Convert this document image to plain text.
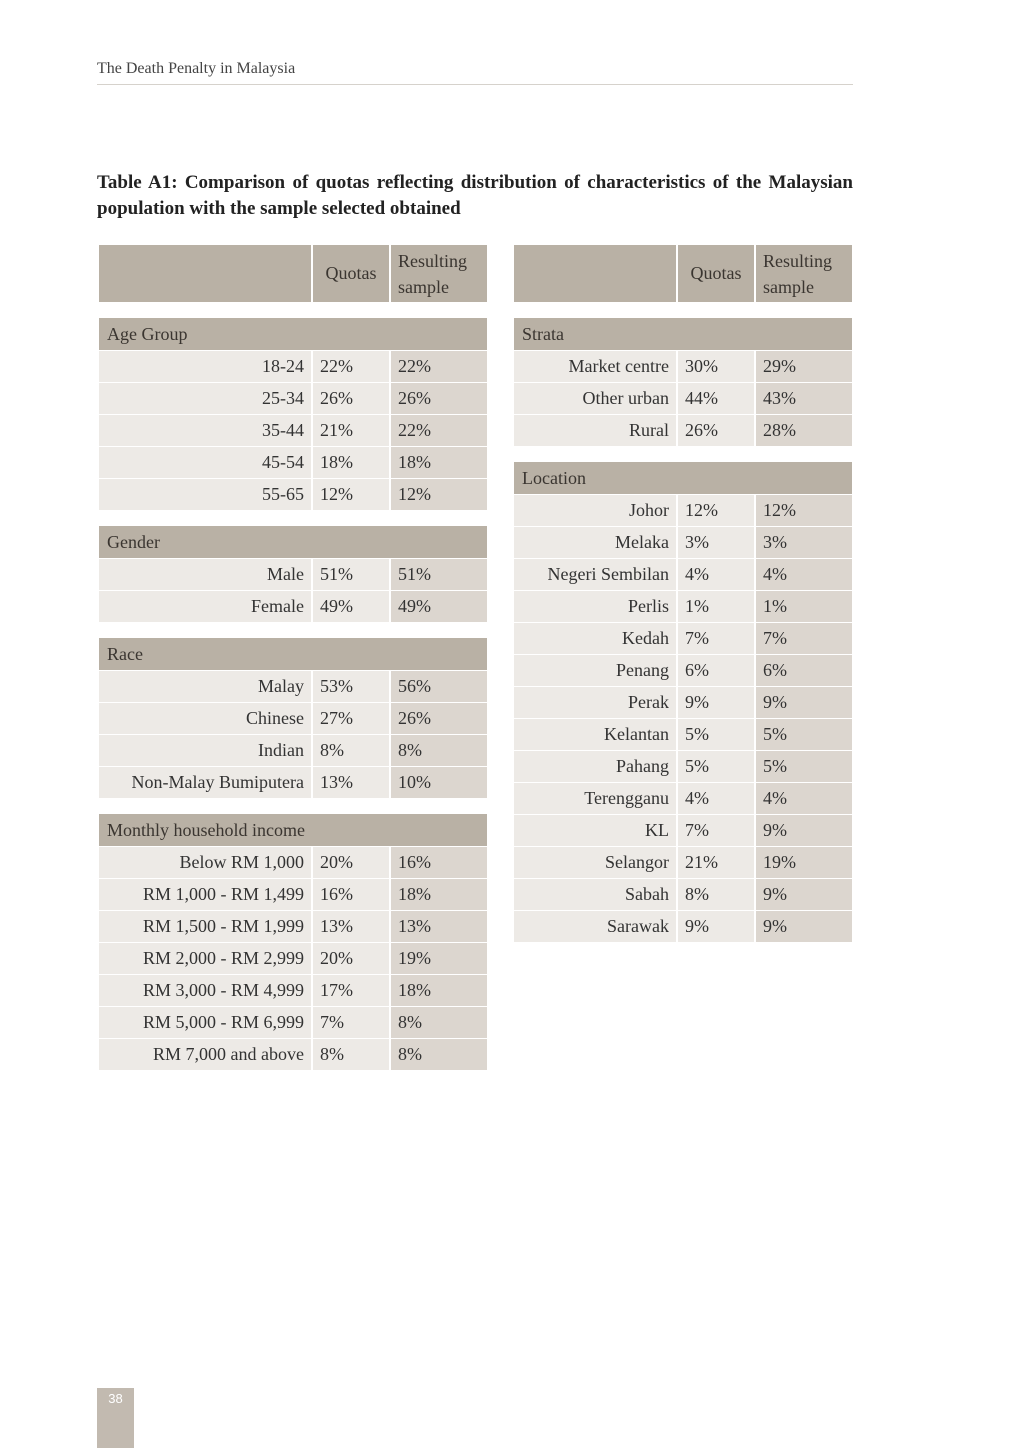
The Death Penalty in Malaysia
Table A1: Comparison of quotas reflecting distribution of characteristics of the Malaysian population with the sample selected obtained
Quotas
Resulting
sample
Age Group
18-24 22%	22%
25-34 26%	26%
35-44 21%	22%
45-54 18%	18%
55-65 12%	12%
Gender
Male 51%	51%
Female 49%	49%
Race
Malay 53%	56%
Chinese 27%	26%
Indian 8%	8%
Non-Malay Bumiputera 13%	10%
Monthly household income
Below RM 1,000 20%	16%
RM 1,000 - RM 1,499 16%	18%
RM 1,500 - RM 1,999 13%	13%
RM 2,000 - RM 2,999 20%	19%
RM 3,000 - RM 4,999 17%	18%
RM 5,000 - RM 6,999 7%	8%
RM 7,000 and above 8%	8%
Quotas
Resulting
sample
Strata
Market centre 30%	29%
Other urban 44%	43%
Rural 26%	28%
Location
Johor 12%	12%
Melaka 3%	3%
Negeri Sembilan 4%	4%
Perlis 1%	1%
Kedah 7%	7%
Penang 6%	6%
Perak 9%	9%
Kelantan 5%	5%
Pahang 5%	5%
Terengganu 4%	4%
KL 7%	9%
Selangor 21%	19%
Sabah 8%	9%
Sarawak 9%	9%
38
